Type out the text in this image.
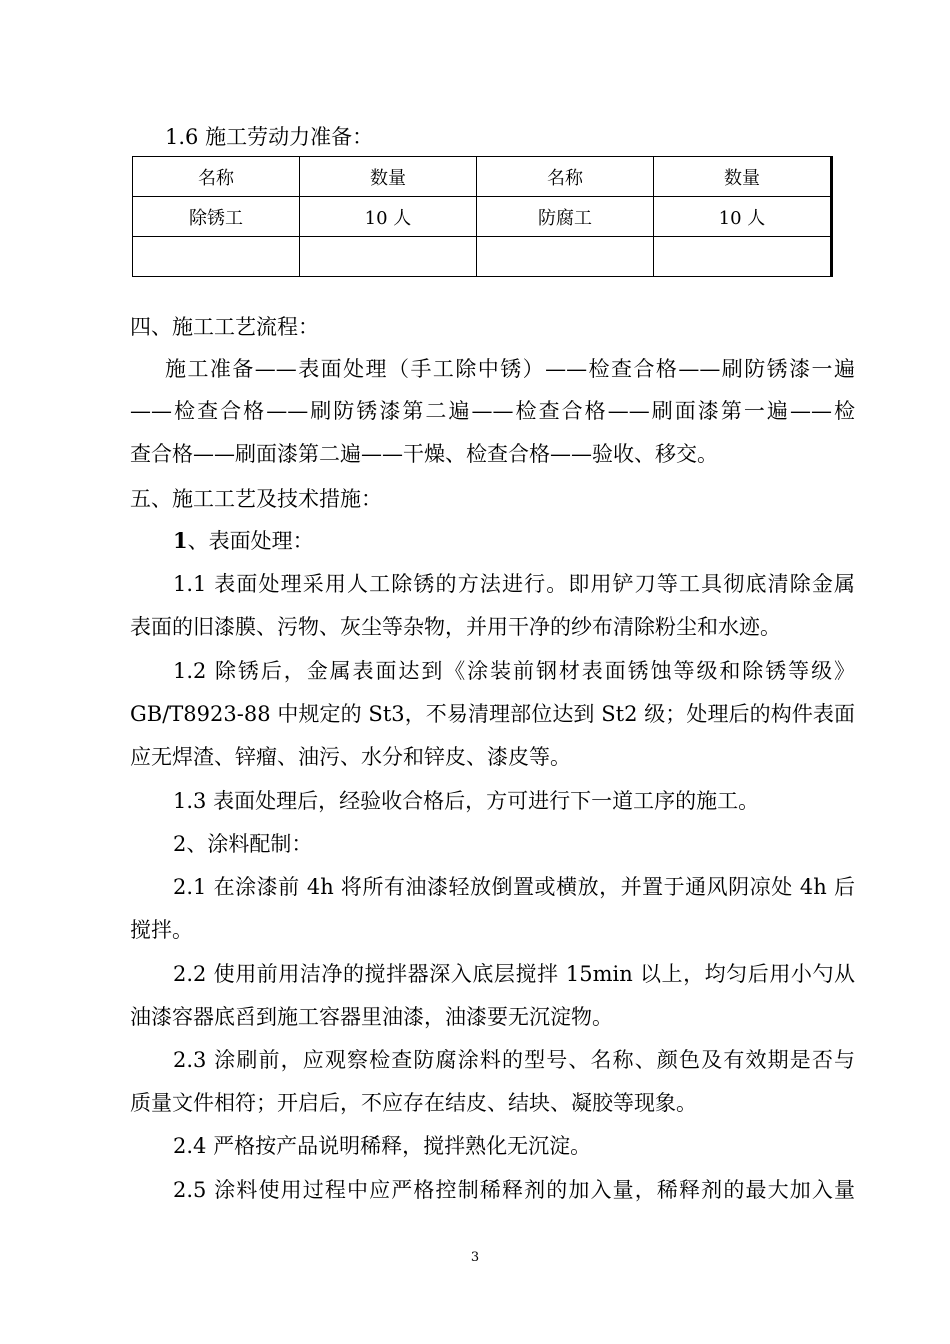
1.6 施工劳动力准备：
名称	数量	名称	数量
除锈工	10 人	防腐工	10 人

四、施工工艺流程：
施工准备——表面处理（手工除中锈）——检查合格——刷防锈漆一遍
——检查合格——刷防锈漆第二遍——检查合格——刷面漆第一遍——检
查合格——刷面漆第二遍——干燥、检查合格——验收、移交。
五、施工工艺及技术措施：
1、表面处理：
1.1 表面处理采用人工除锈的方法进行。即用铲刀等工具彻底清除金属
表面的旧漆膜、污物、灰尘等杂物，并用干净的纱布清除粉尘和水迹。
1.2 除锈后，金属表面达到《涂装前钢材表面锈蚀等级和除锈等级》
GB/T8923-88 中规定的 St3，不易清理部位达到 St2 级；处理后的构件表面
应无焊渣、锌瘤、油污、水分和锌皮、漆皮等。
1.3 表面处理后，经验收合格后，方可进行下一道工序的施工。
2、涂料配制：
2.1 在涂漆前 4h 将所有油漆轻放倒置或横放，并置于通风阴凉处 4h 后
搅拌。
2.2 使用前用洁净的搅拌器深入底层搅拌 15min 以上，均匀后用小勺从
油漆容器底舀到施工容器里油漆，油漆要无沉淀物。
2.3 涂刷前，应观察检查防腐涂料的型号、名称、颜色及有效期是否与
质量文件相符；开启后，不应存在结皮、结块、凝胶等现象。
2.4 严格按产品说明稀释，搅拌熟化无沉淀。
2.5 涂料使用过程中应严格控制稀释剂的加入量，稀释剂的最大加入量
3
